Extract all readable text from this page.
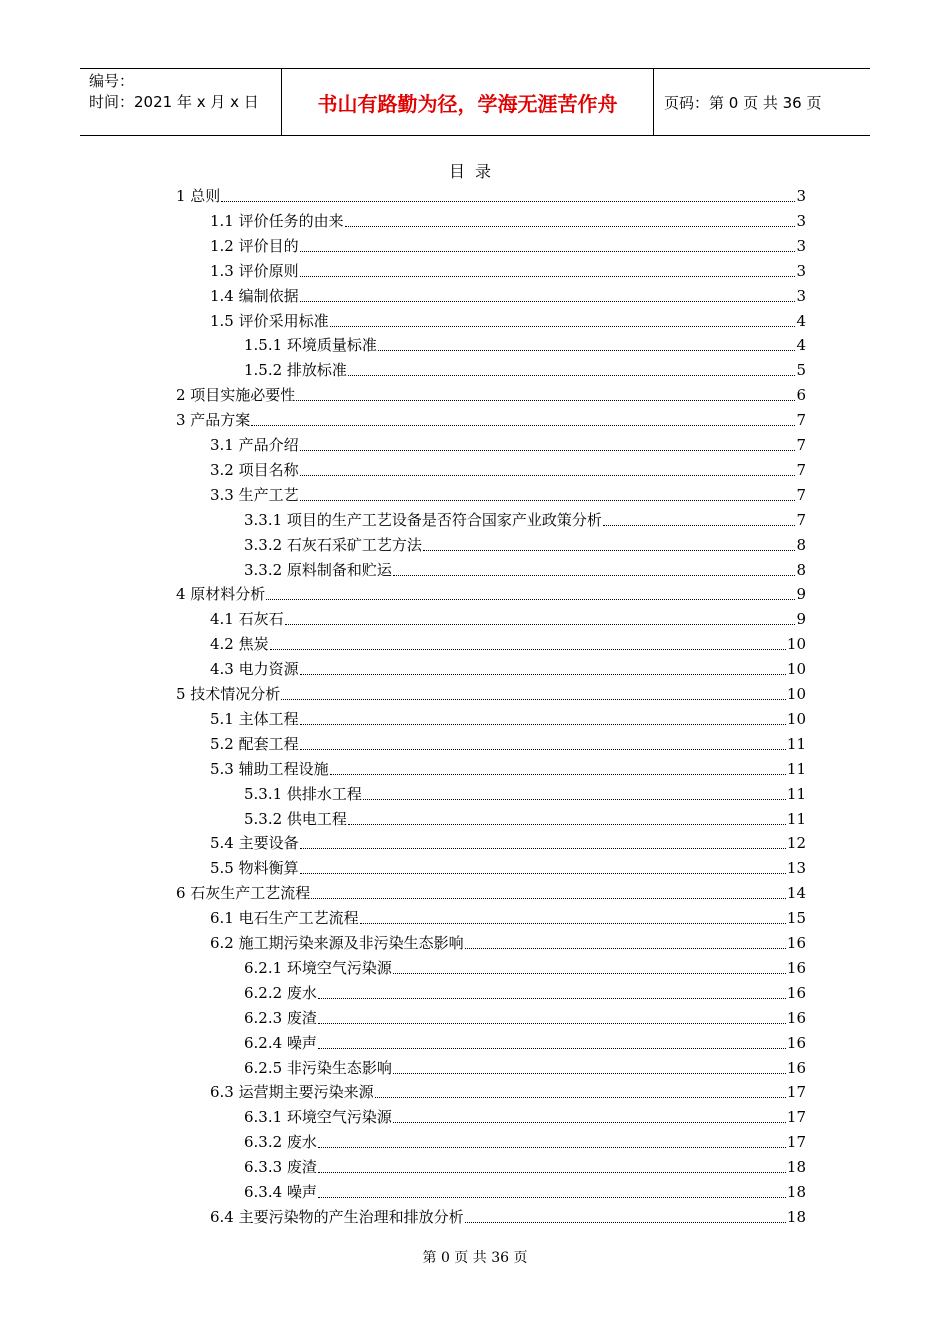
编号：
时间：2021 年 x 月 x 日	书山有路勤为径，学海无涯苦作舟	页码：第 0 页 共 36 页
目录
1 总则	3
1.1 评价任务的由来	3
1.2 评价目的	3
1.3 评价原则	3
1.4 编制依据	3
1.5 评价采用标准	4
1.5.1 环境质量标准	4
1.5.2 排放标准	5
2 项目实施必要性	6
3 产品方案	7
3.1 产品介绍	7
3.2 项目名称	7
3.3 生产工艺	7
3.3.1 项目的生产工艺设备是否符合国家产业政策分析	7
3.3.2 石灰石采矿工艺方法	8
3.3.2 原料制备和贮运	8
4 原材料分析	9
4.1 石灰石	9
4.2 焦炭	10
4.3 电力资源	10
5 技术情况分析	10
5.1 主体工程	10
5.2 配套工程	11
5.3 辅助工程设施	11
5.3.1 供排水工程	11
5.3.2 供电工程	11
5.4 主要设备	12
5.5 物料衡算	13
6 石灰生产工艺流程	14
6.1 电石生产工艺流程	15
6.2 施工期污染来源及非污染生态影响	16
6.2.1 环境空气污染源	16
6.2.2 废水	16
6.2.3 废渣	16
6.2.4 噪声	16
6.2.5 非污染生态影响	16
6.3 运营期主要污染来源	17
6.3.1 环境空气污染源	17
6.3.2 废水	17
6.3.3 废渣	18
6.3.4 噪声	18
6.4 主要污染物的产生治理和排放分析	18
第 0 页 共 36 页
